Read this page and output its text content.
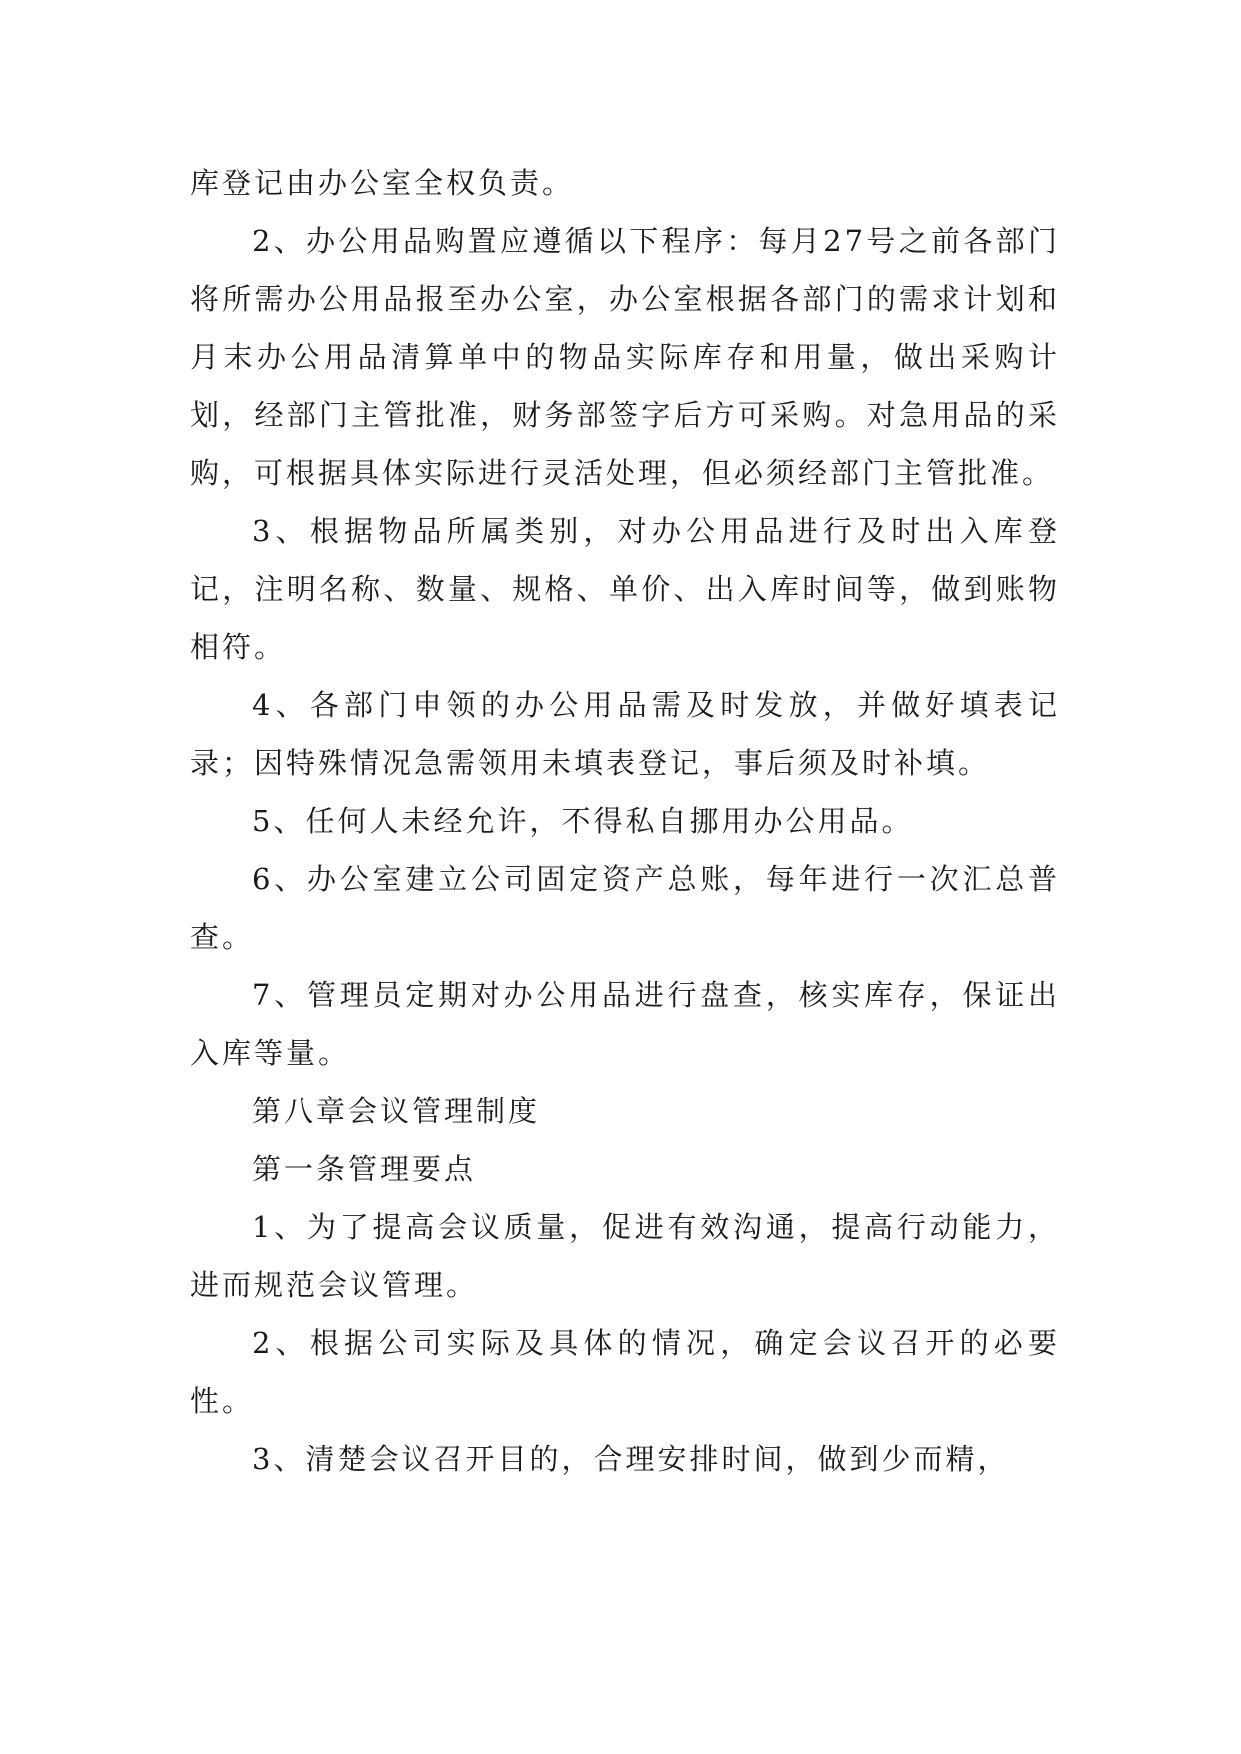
库登记由办公室全权负责。

2、办公用品购置应遵循以下程序：每月27号之前各部门将所需办公用品报至办公室，办公室根据各部门的需求计划和月末办公用品清算单中的物品实际库存和用量，做出采购计划，经部门主管批准，财务部签字后方可采购。对急用品的采购，可根据具体实际进行灵活处理，但必须经部门主管批准。

3、根据物品所属类别，对办公用品进行及时出入库登记，注明名称、数量、规格、单价、出入库时间等，做到账物相符。

4、各部门申领的办公用品需及时发放，并做好填表记录；因特殊情况急需领用未填表登记，事后须及时补填。

5、任何人未经允许，不得私自挪用办公用品。

6、办公室建立公司固定资产总账，每年进行一次汇总普查。

7、管理员定期对办公用品进行盘查，核实库存，保证出入库等量。

第八章会议管理制度

第一条管理要点

1、为了提高会议质量，促进有效沟通，提高行动能力，进而规范会议管理。

2、根据公司实际及具体的情况，确定会议召开的必要性。

3、清楚会议召开目的，合理安排时间，做到少而精，
